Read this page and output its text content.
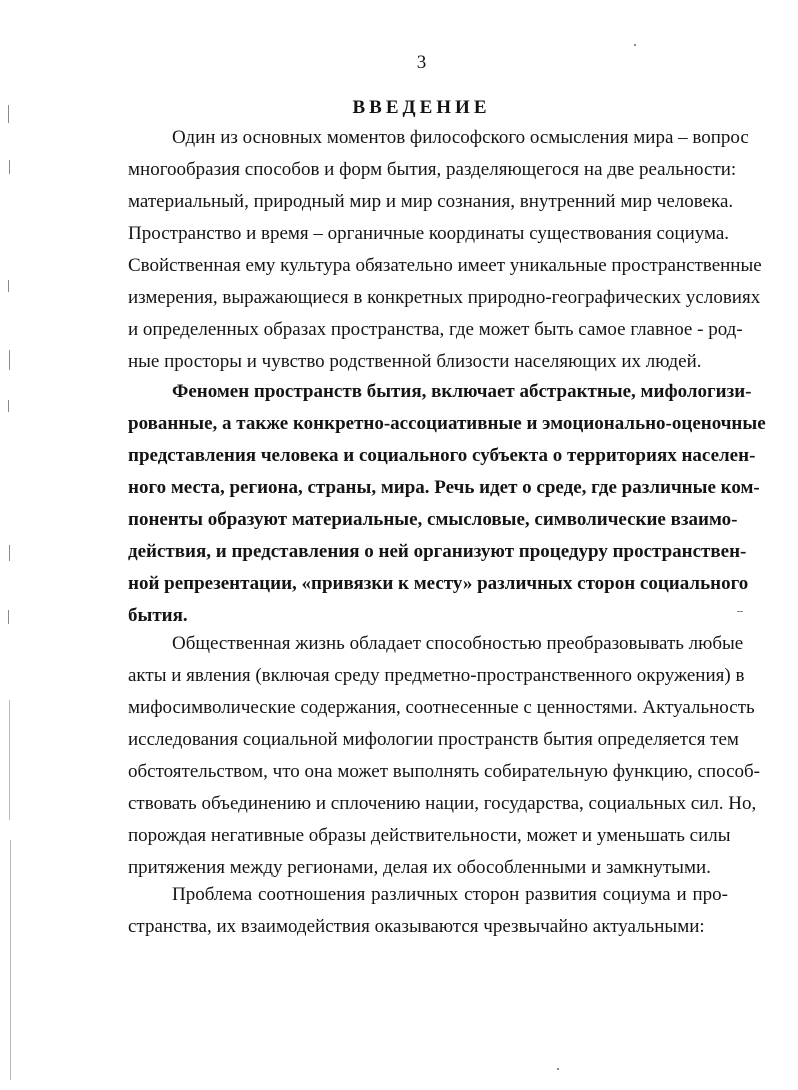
3
ВВЕДЕНИЕ
Один из основных моментов философского осмысления мира – вопрос
многообразия способов и форм бытия, разделяющегося на две реальности:
материальный, природный мир и мир сознания, внутренний мир человека.
Пространство и время – органичные координаты существования социума.
Свойственная ему культура обязательно имеет уникальные пространственные
измерения, выражающиеся в конкретных природно-географических условиях
и определенных образах пространства, где может быть самое главное - род-
ные просторы и чувство родственной близости населяющих их людей.
Феномен пространств бытия, включает абстрактные, мифологизи-
рованные, а также конкретно-ассоциативные и эмоционально-оценочные
представления человека и социального субъекта о территориях населен-
ного места, региона, страны, мира. Речь идет о среде, где различные ком-
поненты образуют материальные, смысловые, символические взаимо-
действия, и представления о ней организуют процедуру пространствен-
ной репрезентации, «привязки к месту» различных сторон социального
бытия.
Общественная жизнь обладает способностью преобразовывать любые
акты и явления (включая среду предметно-пространственного окружения) в
мифосимволические содержания, соотнесенные с ценностями. Актуальность
исследования социальной мифологии пространств бытия определяется тем
обстоятельством, что она может выполнять собирательную функцию, способ-
ствовать объединению и сплочению нации, государства, социальных сил. Но,
порождая негативные образы действительности, может и уменьшать силы
притяжения между регионами, делая их обособленными и замкнутыми.
Проблема соотношения различных сторон развития социума и про-
странства, их взаимодействия оказываются чрезвычайно актуальными:
